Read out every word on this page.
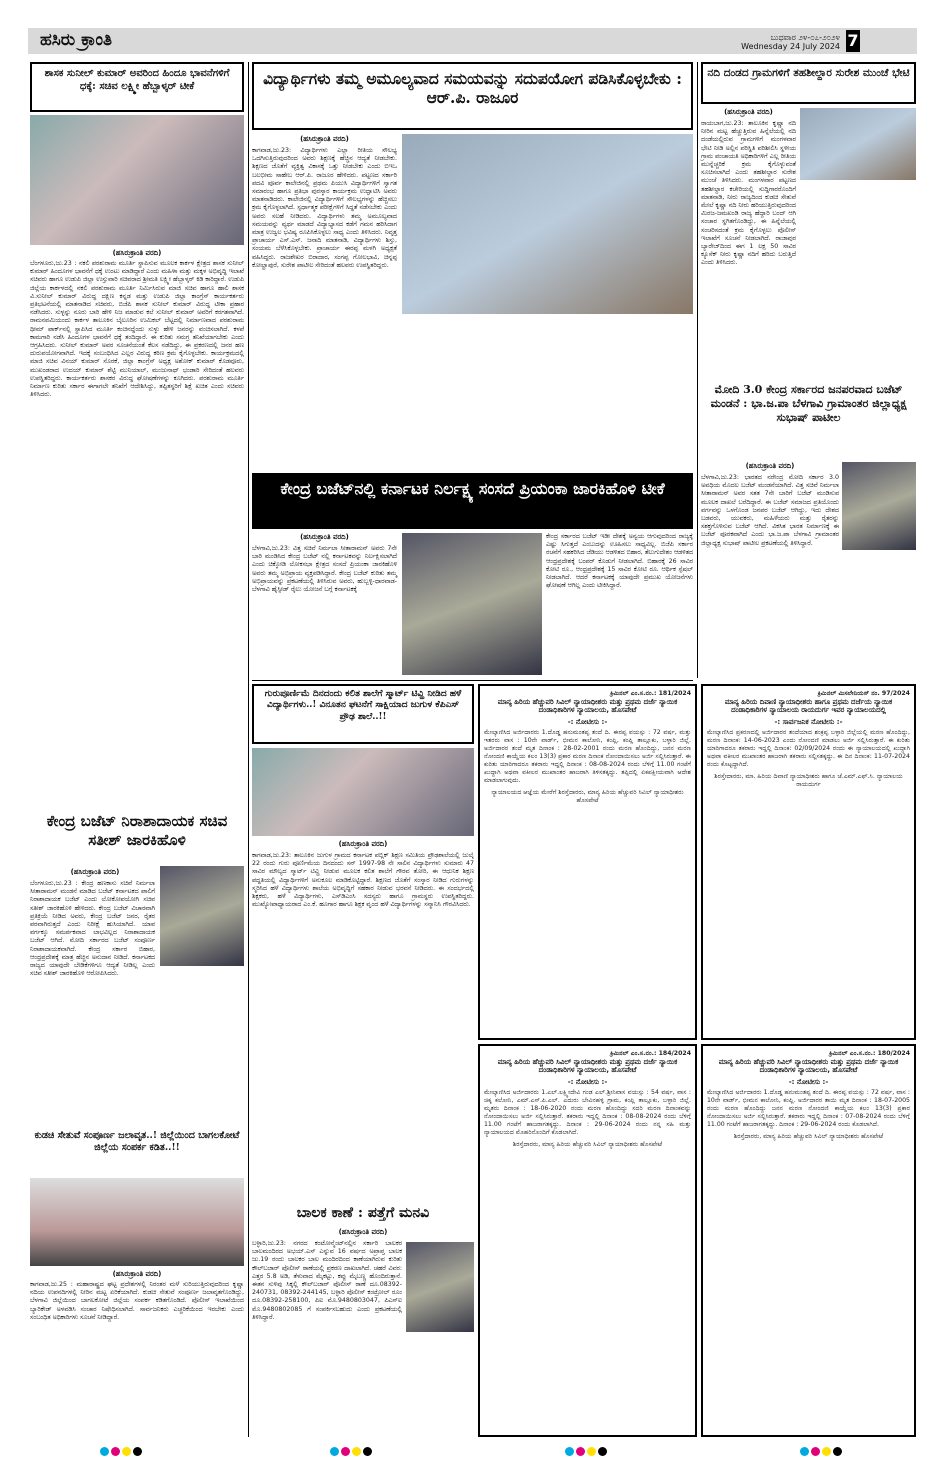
ಹಸಿರು ಕ್ರಾಂತಿ	ಬುಧವಾರ ೨೪-೦೭-೨೦೨೪
Wednesday 24 July 2024 7
ಶಾಸಕ ಸುನೀಲ್ ಕುಮಾರ್ ಅವರಿಂದ ಹಿಂದೂ ಭಾವನೆಗಳಿಗೆ ಧಕ್ಕೆ: ಸಚಿವ ಲಕ್ಷ್ಮೀ ಹೆಬ್ಬಾಳ್ಕರ್ ಟೀಕೆ
(ಹಸಿರುಕ್ರಾಂತಿ ವರದಿ)
ಬೆಂಗಳೂರು,ಜು.23 : ನಕಲಿ ಪರಶುರಾಮ ಮೂರ್ತಿ ಸ್ಥಾಪಿಸುವ ಮೂಲಕ ಕಾರ್ಕಳ ಕ್ಷೇತ್ರದ ಶಾಸಕ ಸುನೀಲ್ ಕುಮಾರ್ ಹಿಂದೂಗಳ ಭಾವನೆಗೆ ಧಕ್ಕೆ ಉಂಟು ಮಾಡಿದ್ದಾರೆ ಎಂದು ಮಹಿಳಾ ಮತ್ತು ಮಕ್ಕಳ ಅಭಿವೃದ್ಧಿ ಇಲಾಖೆ ಸಚಿವರು ಹಾಗೂ ಉಡುಪಿ ಜಿಲ್ಲಾ ಉಸ್ತುವಾರಿ ಸಚಿವರಾದ ಶ್ರೀಮತಿ ಲಕ್ಷ್ಮೀ ಹೆಬ್ಬಾಳ್ಕರ್ ಕಿಡಿ ಕಾರಿದ್ದಾರೆ. ಉಡುಪಿ ಜಿಲ್ಲೆಯ ಕಾರ್ಕಳದಲ್ಲಿ ನಕಲಿ ಪರಶುರಾಮ ಮೂರ್ತಿ ನಿರ್ಮಿಸಿರುವ ಮಾಜಿ ಸಚಿವ ಹಾಗೂ ಹಾಲಿ ಶಾಸಕ ವಿ.ಸುನೀಲ್ ಕುಮಾರ್ ವಿರುದ್ಧ ದಕ್ಷಿಣ ಕನ್ನಡ ಮತ್ತು ಉಡುಪಿ ಜಿಲ್ಲಾ ಕಾಂಗ್ರೆಸ್ ಕಾರ್ಯಕರ್ತರು ಪ್ರತಿಭಟನೆಯಲ್ಲಿ ಮಾತನಾಡಿದ ಸಚಿವರು, ಬಿಜೆಪಿ ಶಾಸಕ ಸುನೀಲ್ ಕುಮಾರ್ ವಿರುದ್ಧ ಟೀಕಾ ಪ್ರಹಾರ ನಡೆಸಿದರು. ಸುಳ್ಳನ್ನು ನೂರು ಬಾರಿ ಹೇಳಿ ನಿಜ ಮಾಡುವ ಕಲೆ ಸುನೀಲ್ ಕುಮಾರ್ ಅವರಿಗೆ ಕರಗತವಾಗಿದೆ. ರಾಮನವಮಿಯಂದು ಕಾರ್ಕಳ ತಾಲೂಕಿನ ಬೈಲೂರಿನ ಉಮಿಕಲ್ ಬೆಟ್ಟದಲ್ಲಿ ನಿರ್ಮಾಣವಾದ ಪರಶುರಾಮ ಥೀಮ್ ಪಾರ್ಕ್‌ನಲ್ಲಿ ಸ್ಥಾಪಿಸಿದ ಮೂರ್ತಿ ಕಂಚಿನದ್ದೆಂದು ಸುಳ್ಳು ಹೇಳಿ ಜನರನ್ನು ವಂಚಿಸಲಾಗಿದೆ. ಕಳಪೆ ಕಾಮಗಾರಿ ನಡೆಸಿ ಹಿಂದೂಗಳ ಭಾವನೆಗೆ ಧಕ್ಕೆ ತಂದಿದ್ದಾರೆ. ಈ ಕುರಿತು ಸಮಗ್ರ ತನಿಖೆಯಾಗಬೇಕು ಎಂದು ಆಗ್ರಹಿಸಿದರು. ಸುನೀಲ್ ಕುಮಾರ್ ಅವರ ಸೂಚನೆಯಂತೆ ಕೆಲಸ ನಡೆದಿದ್ದು, ಈ ಪ್ರಕರಣದಲ್ಲಿ ಜನರ ಹಣ ದುರುಪಯೋಗವಾಗಿದೆ. ಇದಕ್ಕೆ ಸಂಬಂಧಿಸಿದ ಎಲ್ಲರ ವಿರುದ್ಧ ಕಠಿಣ ಕ್ರಮ ಕೈಗೊಳ್ಳಬೇಕು. ಕಾರ್ಯಕ್ರಮದಲ್ಲಿ ಮಾಜಿ ಸಚಿವ ವಿನಯ್ ಕುಮಾರ್ ಸೊರಕೆ, ಜಿಲ್ಲಾ ಕಾಂಗ್ರೆಸ್ ಅಧ್ಯಕ್ಷ ಅಶೋಕ್ ಕುಮಾರ್ ಕೊಡವೂರು, ಮುಖಂಡರಾದ ಉದಯ್ ಕುಮಾರ್ ಶೆಟ್ಟಿ ಮುನಿಯಾಲ್, ಮಂಜುನಾಥ್ ಭಂಡಾರಿ ಸೇರಿದಂತೆ ಹಲವರು ಉಪಸ್ಥಿತರಿದ್ದರು. ಕಾರ್ಯಕರ್ತರು ಶಾಸಕರ ವಿರುದ್ಧ ಘೋಷಣೆಗಳನ್ನು ಕೂಗಿದರು. ಪರಶುರಾಮ ಮೂರ್ತಿ ನಿರ್ಮಾಣ ಕುರಿತು ಸರ್ಕಾರ ಈಗಾಗಲೇ ತನಿಖೆಗೆ ಆದೇಶಿಸಿದ್ದು, ತಪ್ಪಿತಸ್ಥರಿಗೆ ಶಿಕ್ಷೆ ಖಚಿತ ಎಂದು ಸಚಿವರು ತಿಳಿಸಿದರು.
ಕೇಂದ್ರ ಬಜೆಟ್ ನಿರಾಶಾದಾಯಕ ಸಚಿವ ಸತೀಶ್ ಜಾರಕಿಹೊಳಿ
(ಹಸಿರುಕ್ರಾಂತಿ ವರದಿ)
ಬೆಂಗಳೂರು,ಜು.23 : ಕೇಂದ್ರ ಹಣಕಾಸು ಸಚಿವೆ ನಿರ್ಮಲಾ ಸೀತಾರಾಮನ್ ಮಂಡನೆ ಮಾಡಿದ ಬಜೆಟ್ ಕರ್ನಾಟಕದ ಪಾಲಿಗೆ ನಿರಾಶಾದಾಯಕ ಬಜೆಟ್ ಎಂದು ಲೋಕೋಪಯೋಗಿ ಸಚಿವ ಸತೀಶ್ ಜಾರಕಿಹೊಳಿ ಹೇಳಿದರು. ಕೇಂದ್ರ ಬಜೆಟ್ ವಿಚಾರವಾಗಿ ಪ್ರತಿಕ್ರಿಯೆ ನೀಡಿದ ಅವರು, ಕೇಂದ್ರ ಬಜೆಟ್ ಜನರ, ರೈತರ ಪರವಾಗಿರುತ್ತದೆ ಎಂದು ನಿರೀಕ್ಷೆ ಹುಸಿಯಾಗಿದೆ. ಯಾವ ವರ್ಗಕ್ಕೂ ಸಮರ್ಪಕವಾದ ಲಾಭವಿಲ್ಲದ ನಿರಾಶಾದಾಯಕ ಬಜೆಟ್ ಆಗಿದೆ. ಮೋದಿ ಸರ್ಕಾರದ ಬಜೆಟ್ ಸಂಪೂರ್ಣ ನಿರಾಶಾದಾಯಕವಾಗಿದೆ. ಕೇಂದ್ರ ಸರ್ಕಾರ ಬಿಹಾರ, ಆಂಧ್ರಪ್ರದೇಶಕ್ಕೆ ಮಾತ್ರ ಹೆಚ್ಚಿನ ಅನುದಾನ ನೀಡಿದೆ. ಕರ್ನಾಟಕದ ರಾಜ್ಯದ ಯಾವುದೇ ಬೇಡಿಕೆಗಳಿಗೂ ಆದ್ಯತೆ ನೀಡಿಲ್ಲ ಎಂದು ಸಚಿವ ಸತೀಶ್ ಜಾರಕಿಹೊಳಿ ಆರೋಪಿಸಿದರು.
ಕುಡಚಿ ಸೇತುವೆ ಸಂಪೂರ್ಣ ಜಲಾವೃತ..! ಜಿಲ್ಲೆಯಿಂದ ಬಾಗಲಕೋಟೆ ಜಿಲ್ಲೆಯ ಸಂಪರ್ಕ ಕಡಿತ..!!
(ಹಸಿರುಕ್ರಾಂತಿ ವರದಿ)
ಕಾಗವಾಡ,ಜು.25 : ಮಹಾರಾಷ್ಟ್ರದ ಘಟ್ಟ ಪ್ರದೇಶಗಳಲ್ಲಿ ನಿರಂತರ ಮಳೆ ಸುರಿಯುತ್ತಿರುವುದರಿಂದ ಕೃಷ್ಣಾ ನದಿಯ ಉಪನದಿಗಳಲ್ಲಿ ನೀರಿನ ಮಟ್ಟ ಏರಿಕೆಯಾಗಿದೆ. ಕುಡಚಿ ಸೇತುವೆ ಸಂಪೂರ್ಣ ಜಲಾವೃತಗೊಂಡಿದ್ದು, ಬೆಳಗಾವಿ ಜಿಲ್ಲೆಯಿಂದ ಬಾಗಲಕೋಟೆ ಜಿಲ್ಲೆಯ ಸಂಪರ್ಕ ಕಡಿತಗೊಂಡಿದೆ. ಪೊಲೀಸ್ ಇಲಾಖೆಯಿಂದ ಬ್ಯಾರಿಕೇಡ್ ಅಳವಡಿಸಿ ಸಂಚಾರ ನಿಷೇಧಿಸಲಾಗಿದೆ. ಸಾರ್ವಜನಿಕರು ಎಚ್ಚರಿಕೆಯಿಂದ ಇರಬೇಕು ಎಂದು ಸಂಬಂಧಿತ ಅಧಿಕಾರಿಗಳು ಸೂಚನೆ ನೀಡಿದ್ದಾರೆ.
ವಿದ್ಯಾರ್ಥಿಗಳು ತಮ್ಮ ಅಮೂಲ್ಯವಾದ ಸಮಯವನ್ನು ಸದುಪಯೋಗ ಪಡಿಸಿಕೊಳ್ಳಬೇಕು : ಆರ್.ಪಿ. ರಾಜೂರ
(ಹಸಿರುಕ್ರಾಂತಿ ವರದಿ)
ಕಾಗವಾಡ,ಜು.23: ವಿದ್ಯಾರ್ಥಿಗಳು ಎಲ್ಲಾ ರೀತಿಯ ಸೌಲಭ್ಯ ಒದಗಿಸುತ್ತಿರುವುದರಿಂದ ಅವರು ಶಿಕ್ಷಣಕ್ಕೆ ಹೆಚ್ಚಿನ ಆದ್ಯತೆ ನೀಡಬೇಕು. ಶಿಕ್ಷಣದ ಜೊತೆಗೆ ವ್ಯಕ್ತಿತ್ವ ವಿಕಾಸಕ್ಕೆ ಒತ್ತು ನೀಡಬೇಕು ಎಂದು ಬಿಇಒ ಬಲಭೀಮ ಸಾಹೇಬ ಆರ್.ಪಿ. ರಾಜೂರ ಹೇಳಿದರು. ಪಟ್ಟಣದ ಸರ್ಕಾರಿ ಪದವಿ ಪೂರ್ವ ಕಾಲೇಜಿನಲ್ಲಿ ಪ್ರಥಮ ಪಿಯುಸಿ ವಿದ್ಯಾರ್ಥಿಗಳಿಗೆ ಸ್ವಾಗತ ಸಮಾರಂಭ ಹಾಗೂ ಪ್ರತಿಭಾ ಪುರಸ್ಕಾರ ಕಾರ್ಯಕ್ರಮ ಉದ್ಘಾಟಿಸಿ ಅವರು ಮಾತನಾಡಿದರು. ಕಾಲೇಜಿನಲ್ಲಿ ವಿದ್ಯಾರ್ಥಿಗಳಿಗೆ ಸೌಲಭ್ಯಗಳನ್ನು ಹೆಚ್ಚಿಸಲು ಕ್ರಮ ಕೈಗೊಳ್ಳಲಾಗಿದೆ. ಸ್ಪರ್ಧಾತ್ಮಕ ಪರೀಕ್ಷೆಗಳಿಗೆ ಸಿದ್ಧತೆ ನಡೆಸಬೇಕು ಎಂದು ಅವರು ಸಲಹೆ ನೀಡಿದರು. ವಿದ್ಯಾರ್ಥಿಗಳು ತಮ್ಮ ಅಮೂಲ್ಯವಾದ ಸಮಯವನ್ನು ವ್ಯರ್ಥ ಮಾಡದೆ ವಿದ್ಯಾಭ್ಯಾಸದ ಕಡೆಗೆ ಗಮನ ಹರಿಸಿದಾಗ ಮಾತ್ರ ಉಜ್ವಲ ಭವಿಷ್ಯ ರೂಪಿಸಿಕೊಳ್ಳಲು ಸಾಧ್ಯ ಎಂದು ತಿಳಿಸಿದರು. ನಿವೃತ್ತ ಪ್ರಾಚಾರ್ಯ ಎಸ್.ಎಸ್. ಜನಾದಿ ಮಾತನಾಡಿ, ವಿದ್ಯಾರ್ಥಿಗಳು ಶಿಸ್ತು, ಸಂಯಮ ಬೆಳೆಸಿಕೊಳ್ಳಬೇಕು. ಪ್ರಾಚಾರ್ಯ ಈರಪ್ಪ ಮಳಗಿ ಅಧ್ಯಕ್ಷತೆ ವಹಿಸಿದ್ದರು. ರಾಜಶೇಖರ ಬಿರಾದಾರ, ಸಂಗಪ್ಪ ಗೋಲಭಾವಿ, ಚಿನ್ನಪ್ಪ ಕೋಲ್ಹಾಪುರೆ, ಸುರೇಶ ಪಾಟೀಲ ಸೇರಿದಂತೆ ಹಲವರು ಉಪಸ್ಥಿತರಿದ್ದರು.
ಕೇಂದ್ರ ಬಜೆಟ್‌ನಲ್ಲಿ ಕರ್ನಾಟಕ ನಿರ್ಲಕ್ಷ್ಯ ಸಂಸದೆ ಪ್ರಿಯಂಕಾ ಜಾರಕಿಹೊಳಿ ಟೀಕೆ
(ಹಸಿರುಕ್ರಾಂತಿ ವರದಿ)
ಬೆಳಗಾವಿ,ಜು.23: ವಿತ್ತ ಸಚಿವೆ ನಿರ್ಮಲಾ ಸೀತಾರಾಮನ್ ಅವರು 7ನೇ ಬಾರಿ ಮಂಡಿಸಿದ ಕೇಂದ್ರ ಬಜೆಟ್ ನಲ್ಲಿ ಕರ್ನಾಟಕವನ್ನು ನಿರ್ಲಕ್ಷಿಸಲಾಗಿದೆ ಎಂದು ಚಿಕ್ಕೋಡಿ ಲೋಕಸಭಾ ಕ್ಷೇತ್ರದ ಸಂಸದೆ ಪ್ರಿಯಂಕಾ ಜಾರಕಿಹೊಳಿ ಅವರು ತಮ್ಮ ಅಭಿಪ್ರಾಯ ವ್ಯಕ್ತಪಡಿಸಿದ್ದಾರೆ. ಕೇಂದ್ರ ಬಜೆಟ್ ಕುರಿತು ತಮ್ಮ ಅಭಿಪ್ರಾಯವನ್ನು ಪ್ರಕಟಣೆಯಲ್ಲಿ ತಿಳಿಸಿರುವ ಅವರು, ಹುಬ್ಬಳ್ಳಿ-ಧಾರವಾಡ-ಬೆಳಗಾವಿ ಹೈಸ್ಪೀಡ್ ರೈಲು ಯೋಜನೆ ಬಗ್ಗೆ ಕರ್ನಾಟಕಕ್ಕೆ
ಕೇಂದ್ರ ಸರ್ಕಾರದ ಬಜೆಟ್ ಇಡೀ ದೇಶಕ್ಕೆ ಅನ್ವಯ ಆಗುವುದರಿಂದ ರಾಜ್ಯಕ್ಕೆ ಎಷ್ಟು ಸಿಗುತ್ತದೆ ಎಂಬುದನ್ನು ಊಹಿಸಲು ಸಾಧ್ಯವಿಲ್ಲ. ಬಿಜೆಪಿ ಸರ್ಕಾರ ರಚನೆಗೆ ಸಹಕರಿಸಿದ ಜೆಡಿಯು ಆಡಳಿತದ ಬಿಹಾರ, ತೆಲುಗುದೇಶಂ ಆಡಳಿತದ ಆಂಧ್ರಪ್ರದೇಶಕ್ಕೆ ಬಂಪರ್ ಕೊಡುಗೆ ನೀಡಲಾಗಿದೆ. ಬಿಹಾರಕ್ಕೆ 26 ಸಾವಿರ ಕೋಟಿ ರೂ., ಆಂಧ್ರಪ್ರದೇಶಕ್ಕೆ 15 ಸಾವಿರ ಕೋಟಿ ರೂ. ಆರ್ಥಿಕ ಸ್ಪೆಷಲ್ ನೀಡಲಾಗಿದೆ. ಆದರೆ ಕರ್ನಾಟಕಕ್ಕೆ ಯಾವುದೇ ಪ್ರಮುಖ ಯೋಜನೆಗಳು ಘೋಷಣೆ ಆಗಿಲ್ಲ ಎಂದು ಟೀಕಿಸಿದ್ದಾರೆ.
ಗುರುಪೂರ್ಣಿಮೆ ದಿನದಂದು ಕಲಿತ ಶಾಲೆಗೆ ಸ್ಮಾರ್ಟ್ ಟಿವ್ಹಿ ನೀಡಿದ ಹಳೆ ವಿದ್ಯಾರ್ಥಿಗಳು..! ವಿನೂತನ ಘಟನೆಗೆ ಸಾಕ್ಷಿಯಾದ ಜುಗುಳ ಕೆಪಿಎಸ್ ಪ್ರೌಢ ಶಾಲೆ..!!
(ಹಸಿರುಕ್ರಾಂತಿ ವರದಿ)
ಕಾಗವಾಡ,ಜು.23: ತಾಲೂಕಿನ ಜುಗುಳ ಗ್ರಾಮದ ಕರ್ನಾಟಕ ಪಬ್ಲಿಕ್ ಶಿಕ್ಷಣ ಸಮಿತಿಯ ಪ್ರೌಢಶಾಲೆಯಲ್ಲಿ ಜುಲೈ 22 ರಂದು ಗುರು ಪೂರ್ಣಿಮೆಯ ದಿನದಂದು ಸನ್ 1997-98 ನೇ ಸಾಲಿನ ವಿದ್ಯಾರ್ಥಿಗಳು ಸುಮಾರು 47 ಸಾವಿರ ಮೌಲ್ಯದ ಸ್ಮಾರ್ಟ್ ಟಿವ್ಹಿ ನೀಡುವ ಮೂಲಕ ಕಲಿತ ಶಾಲೆಗೆ ಗೌರವ ತೋರಿ, ಈ ಆಧುನಿಕ ಶಿಕ್ಷಣ ಪದ್ಧತಿಯಲ್ಲಿ ವಿದ್ಯಾರ್ಥಿಗಳಿಗೆ ಅನುಕೂಲ ಮಾಡಿಕೊಟ್ಟಿದ್ದಾರೆ. ಶಿಕ್ಷಣದ ಜೊತೆಗೆ ಸಂಸ್ಕಾರ ನೀಡಿದ ಗುರುಗಳನ್ನು ಸ್ಮರಿಸಿದ ಹಳೆ ವಿದ್ಯಾರ್ಥಿಗಳು ಶಾಲೆಯ ಅಭಿವೃದ್ಧಿಗೆ ಸಹಕಾರ ನೀಡುವ ಭರವಸೆ ನೀಡಿದರು. ಈ ಸಂದರ್ಭದಲ್ಲಿ ಶಿಕ್ಷಕರು, ಹಳೆ ವಿದ್ಯಾರ್ಥಿಗಳು, ಎಸ್‌ಡಿಎಂಸಿ ಸದಸ್ಯರು ಹಾಗೂ ಗ್ರಾಮಸ್ಥರು ಉಪಸ್ಥಿತರಿದ್ದರು. ಮುಖ್ಯೋಪಾಧ್ಯಾಯರಾದ ಎಂ.ಕೆ. ಹೂಗಾರ ಹಾಗೂ ಶಿಕ್ಷಕ ವೃಂದ ಹಳೆ ವಿದ್ಯಾರ್ಥಿಗಳನ್ನು ಸನ್ಮಾನಿಸಿ ಗೌರವಿಸಿದರು.
ಬಾಲಕ ಕಾಣೆ : ಪತ್ತೆಗೆ ಮನವಿ
(ಹಸಿರುಕ್ರಾಂತಿ ವರದಿ)
ಬಳ್ಳಾರಿ,ಜು.23: ನಗರದ ಕಂಟೋನ್ಮೆಂಟ್‌ನಲ್ಲಿನ ಸರ್ಕಾರಿ ಬಾಲಕರ ಬಾಲಮಂದಿರದ ಅಭಯ್.ಎಸ್ ಎನ್ನುವ 16 ವರ್ಷದ ಅಪ್ರಾಪ್ತ ಬಾಲಕ ಜು.19 ರಂದು ಬಾಲಕರ ಬಾಲ ಮಂದಿರದಿಂದ ಕಾಣೆಯಾಗಿರುವ ಕುರಿತು ಕೌಲ್‌ಬಜಾರ್ ಪೊಲೀಸ್ ಠಾಣೆಯಲ್ಲಿ ಪ್ರಕರಣ ದಾಖಲಾಗಿದೆ. ಚಹರೆ ವಿವರ: ಎತ್ತರ 5.8 ಅಡಿ, ತೆಳುವಾದ ಮೈಕಟ್ಟು, ಕಪ್ಪು ಮೈಬಣ್ಣ ಹೊಂದಿರುತ್ತಾನೆ. ಈತನ ಸುಳಿವು ಸಿಕ್ಕಲ್ಲಿ ಕೌಲ್‌ಬಜಾರ್ ಪೊಲೀಸ್ ಠಾಣೆ ದೂ.08392-240731, 08392-244145, ಬಳ್ಳಾರಿ ಪೊಲೀಸ್ ಕಂಟ್ರೋಲ್ ರೂಂ ದೂ.08392-258100, ಪಿಐ ಮೊ.9480803047, ಪಿಎಸ್‌ಐ ಮೊ.9480802085 ಗೆ ಸಂಪರ್ಕಿಸಬಹುದು ಎಂದು ಪ್ರಕಟಣೆಯಲ್ಲಿ ತಿಳಿಸಿದ್ದಾರೆ.
ಕ್ರಿಮಿನಲ್ ಎಂ.ಸ.ನಂ.: 181/2024
ಮಾನ್ಯ ಹಿರಿಯ ಹೆಚ್ಚುವರಿ ಸಿವಿಲ್ ನ್ಯಾಯಾಧೀಶರು ಮತ್ತು ಪ್ರಥಮ ದರ್ಜೆ ನ್ಯಾಯಿಕ ದಂಡಾಧಿಕಾರಿಗಳ ನ್ಯಾಯಾಲಯ, ಹೊಸಪೇಟೆ
-: ನೋಟೀಸು :-
ಮೇಲ್ಕಾಣಿಸಿದ ಅರ್ಜಿದಾರರು 1.ದೊಡ್ಡ ಹನುಮಂತಪ್ಪ ತಂದೆ ದಿ. ಈರಪ್ಪ ವಯಸ್ಸು : 72 ವರ್ಷ, ಮತ್ತು ಇತರರು ವಾಸ : 10ನೇ ವಾರ್ಡ್, ಭೀಮನ ಕಾಲೋನಿ, ಕಂಪ್ಲಿ, ಕಂಪ್ಲಿ ತಾಲ್ಲೂಕು, ಬಳ್ಳಾರಿ ಜಿಲ್ಲೆ. ಅರ್ಜಿದಾರರ ತಂದೆ ಮೃತ ದಿನಾಂಕ : 28-02-2001 ರಂದು ಮರಣ ಹೊಂದಿದ್ದು, ಜನನ ಮರಣ ನೋಂದಣಿ ಕಾಯ್ದೆಯ ಕಲಂ 13(3) ಪ್ರಕಾರ ಮರಣ ದಿನಾಂಕ ನೋಂದಾಯಿಸಲು ಅರ್ಜಿ ಸಲ್ಲಿಸಿರುತ್ತಾರೆ. ಈ ಕುರಿತು ಯಾರಿಗಾದರೂ ತಕರಾರು ಇದ್ದಲ್ಲಿ ದಿನಾಂಕ : 08-08-2024 ರಂದು ಬೆಳಿಗ್ಗೆ 11.00 ಗಂಟೆಗೆ ಖುದ್ದಾಗಿ ಅಥವಾ ವಕೀಲರ ಮುಖಾಂತರ ಹಾಜರಾಗಿ ತಿಳಿಸತಕ್ಕದ್ದು. ತಪ್ಪಿದಲ್ಲಿ ಏಕಪಕ್ಷೀಯವಾಗಿ ಆದೇಶ ಮಾಡಲಾಗುವುದು.
ನ್ಯಾಯಾಲಯದ ಆಜ್ಞೆಯ ಮೇರೆಗೆ ಶಿರಸ್ತೆದಾರರು, ಮಾನ್ಯ ಹಿರಿಯ ಹೆಚ್ಚುವರಿ ಸಿವಿಲ್ ನ್ಯಾಯಾಧೀಶರು ಹೊಸಪೇಟೆ
ಕ್ರಿಮಿನಲ್ ಮಿಸಲೇನಿಯಸ್ ನಂ. 97/2024
ಮಾನ್ಯ ಹಿರಿಯ ದಿವಾಣಿ ನ್ಯಾಯಾಧೀಶರು ಹಾಗೂ ಪ್ರಥಮ ದರ್ಜೆಯ ನ್ಯಾಯಿಕ ದಂಡಾಧಿಕಾರಿಗಳ ನ್ಯಾಯಾಲಯ ರಾಯದುರ್ಗ ಇವರ ನ್ಯಾಯಾಲಯದಲ್ಲಿ
-: ಸಾರ್ವಜನಿಕ ನೋಟೀಸು :-
ಮೇಲ್ಕಾಣಿಸಿದ ಪ್ರಕರಣದಲ್ಲಿ ಅರ್ಜಿದಾರರ ತಂದೆಯಾದ ಶಂಕ್ರಪ್ಪ ಬಳ್ಳಾರಿ ಜಿಲ್ಲೆಯಲ್ಲಿ ಮರಣ ಹೊಂದಿದ್ದು, ಮರಣ ದಿನಾಂಕ: 14-06-2023 ಎಂದು ನೋಂದಣಿ ಮಾಡಲು ಅರ್ಜಿ ಸಲ್ಲಿಸಿರುತ್ತಾರೆ. ಈ ಕುರಿತು ಯಾರಿಗಾದರೂ ತಕರಾರು ಇದ್ದಲ್ಲಿ ದಿನಾಂಕ: 02/09/2024 ರಂದು ಈ ನ್ಯಾಯಾಲಯದಲ್ಲಿ ಖುದ್ದಾಗಿ ಅಥವಾ ವಕೀಲರ ಮುಖಾಂತರ ಹಾಜರಾಗಿ ತಕರಾರು ಸಲ್ಲಿಸತಕ್ಕದ್ದು. ಈ ದಿನ ದಿನಾಂಕ: 11-07-2024 ರಂದು ಕೊಟ್ಟದ್ದಾಗಿದೆ.
ಶಿರಸ್ತೇದಾರರು, ಮಾ. ಹಿರಿಯ ದಿವಾಣಿ ನ್ಯಾಯಾಧೀಶರು ಹಾಗೂ ಜೆ.ಎಮ್.ಎಫ್.ಸಿ. ನ್ಯಾಯಾಲಯ ರಾಯದುರ್ಗ
ಕ್ರಿಮಿನಲ್ ಎಂ.ಸ.ನಂ.: 184/2024
ಮಾನ್ಯ ಹಿರಿಯ ಹೆಚ್ಚುವರಿ ಸಿವಿಲ್ ನ್ಯಾಯಾಧೀಶರು ಮತ್ತು ಪ್ರಥಮ ದರ್ಜೆ ನ್ಯಾಯಿಕ ದಂಡಾಧಿಕಾರಿಗಳ ನ್ಯಾಯಾಲಯ, ಹೊಸಪೇಟೆ
-: ನೋಟೀಸು :-
ಮೇಲ್ಕಾಣಿಸಿದ ಅರ್ಜಿದಾರರು 1.ಎಲ್.ಲಕ್ಷ್ಮೀದೇವಿ ಗಂಡ ಎಲ್.ಶ್ರೀನಿವಾಸ ವಯಸ್ಸು : 54 ವರ್ಷ, ವಾಸ : ಚಿಕ್ಕ ಕಲೋನಿ, ಎಮ್.ಎಸ್.ಪಿ.ಎಲ್. ಎದುರು ಬೇವಿನಹಳ್ಳಿ ಗ್ರಾಮ, ಕಂಪ್ಲಿ ತಾಲ್ಲೂಕು, ಬಳ್ಳಾರಿ ಜಿಲ್ಲೆ. ಮೃತರು ದಿನಾಂಕ : 18-06-2020 ರಂದು ಮರಣ ಹೊಂದಿದ್ದು ಸದರಿ ಮರಣ ದಿನಾಂಕವನ್ನು ನೋಂದಾಯಿಸಲು ಅರ್ಜಿ ಸಲ್ಲಿಸಿರುತ್ತಾರೆ. ತಕರಾರು ಇದ್ದಲ್ಲಿ ದಿನಾಂಕ : 08-08-2024 ರಂದು ಬೆಳಿಗ್ಗೆ 11.00 ಗಂಟೆಗೆ ಹಾಜರಾಗತಕ್ಕದ್ದು. ದಿನಾಂಕ : 29-06-2024 ರಂದು ನನ್ನ ಸಹಿ ಮತ್ತು ನ್ಯಾಯಾಲಯದ ಮೊಹರಿನೊಂದಿಗೆ ಕೊಡಲಾಗಿದೆ.
ಶಿರಸ್ತೆದಾರರು, ಮಾನ್ಯ ಹಿರಿಯ ಹೆಚ್ಚುವರಿ ಸಿವಿಲ್ ನ್ಯಾಯಾಧೀಶರು ಹೊಸಪೇಟೆ
ಕ್ರಿಮಿನಲ್ ಎಂ.ಸ.ನಂ.: 180/2024
ಮಾನ್ಯ ಹಿರಿಯ ಹೆಚ್ಚುವರಿ ಸಿವಿಲ್ ನ್ಯಾಯಾಧೀಶರು ಮತ್ತು ಪ್ರಥಮ ದರ್ಜೆ ನ್ಯಾಯಿಕ ದಂಡಾಧಿಕಾರಿಗಳ ನ್ಯಾಯಾಲಯ, ಹೊಸಪೇಟೆ
-: ನೋಟೀಸು :-
ಮೇಲ್ಕಾಣಿಸಿದ ಅರ್ಜಿದಾರರು 1.ದೊಡ್ಡ ಹನುಮಂತಪ್ಪ ತಂದೆ ದಿ. ಈರಪ್ಪ ವಯಸ್ಸು : 72 ವರ್ಷ, ವಾಸ : 10ನೇ ವಾರ್ಡ್, ಭೀಮನ ಕಾಲೋನಿ, ಕಂಪ್ಲಿ. ಅರ್ಜಿದಾರರ ತಾಯಿ ಮೃತ ದಿನಾಂಕ : 18-07-2005 ರಂದು ಮರಣ ಹೊಂದಿದ್ದು ಜನನ ಮರಣ ನೋಂದಣಿ ಕಾಯ್ದೆಯ ಕಲಂ 13(3) ಪ್ರಕಾರ ನೋಂದಾಯಿಸಲು ಅರ್ಜಿ ಸಲ್ಲಿಸಿರುತ್ತಾರೆ. ತಕರಾರು ಇದ್ದಲ್ಲಿ ದಿನಾಂಕ : 07-08-2024 ರಂದು ಬೆಳಿಗ್ಗೆ 11.00 ಗಂಟೆಗೆ ಹಾಜರಾಗತಕ್ಕದ್ದು. ದಿನಾಂಕ : 29-06-2024 ರಂದು ಕೊಡಲಾಗಿದೆ.
ಶಿರಸ್ತೆದಾರರು, ಮಾನ್ಯ ಹಿರಿಯ ಹೆಚ್ಚುವರಿ ಸಿವಿಲ್ ನ್ಯಾಯಾಧೀಶರು ಹೊಸಪೇಟೆ
ನದಿ ದಂಡದ ಗ್ರಾಮಗಳಿಗೆ ತಹಶೀಲ್ದಾರ ಸುರೇಶ ಮುಂಚೆ ಭೇಟಿ
(ಹಸಿರುಕ್ರಾಂತಿ ವರದಿ)
ರಾಯಬಾಗ,ಜು.23: ತಾಲೂಕಿನ ಕೃಷ್ಣಾ ನದಿ ನೀರಿನ ಮಟ್ಟ ಹೆಚ್ಚುತ್ತಿರುವ ಹಿನ್ನೆಲೆಯಲ್ಲಿ ನದಿ ದಂಡೆಯಲ್ಲಿರುವ ಗ್ರಾಮಗಳಿಗೆ ಮಂಗಳವಾರ ಭೇಟಿ ನೀಡಿ ಅಲ್ಲಿನ ಪರಿಸ್ಥಿತಿ ಪರಿಶೀಲಿಸಿ ಸ್ಥಳೀಯ ಗ್ರಾಮ ಪಂಚಾಯತಿ ಅಧಿಕಾರಿಗಳಿಗೆ ಎಲ್ಲ ರೀತಿಯ ಮುನ್ನೆಚ್ಚರಿಕೆ ಕ್ರಮ ಕೈಗೊಳ್ಳುವಂತೆ ಸೂಚಿಸಲಾಗಿದೆ ಎಂದು ತಹಶೀಲ್ದಾರ ಸುರೇಶ ಮುಂಚೆ ತಿಳಿಸಿದರು. ಮಂಗಳವಾರ ಪಟ್ಟಣದ ತಹಶೀಲ್ದಾರ ಕಚೇರಿಯಲ್ಲಿ ಸುದ್ದಿಗಾರರೊಂದಿಗೆ ಮಾತನಾಡಿ, ನೀರು ರಾಜ್ಯದಿಂದ ಕುಡಚಿ ಸೇತುವೆ ಮೇಲೆ ಕೃಷ್ಣಾ ನದಿ ನೀರು ಹರಿಯುತ್ತಿರುವುದರಿಂದ ಮಿರಜ-ಜಮಖಂಡಿ ರಾಜ್ಯ ಹೆದ್ದಾರಿ ಬಂದ್ ಆಗಿ ಸಂಚಾರ ಸ್ಥಗಿತಗೊಂಡಿದ್ದು, ಈ ಹಿನ್ನೆಲೆಯಲ್ಲಿ ಸಂಚರಿಸದಂತೆ ಕ್ರಮ ಕೈಗೊಳ್ಳಲು ಪೊಲೀಸ್ ಇಲಾಖೆಗೆ ಸೂಚನೆ ನೀಡಲಾಗಿದೆ. ರಾಜಾಪುರ ಬ್ಯಾರೇಜ್‌ದಿಂದ ಈಗ 1 ಲಕ್ಷ 50 ಸಾವಿರ ಕ್ಯೂಸೆಕ್ ನೀರು ಕೃಷ್ಣಾ ನದಿಗೆ ಹರಿದು ಬರುತ್ತಿದೆ ಎಂದು ತಿಳಿಸಿದರು.
ಮೋದಿ 3.0 ಕೇಂದ್ರ ಸರ್ಕಾರದ ಜನಪರವಾದ ಬಜೆಟ್ ಮಂಡನೆ : ಭಾ.ಜ.ಪಾ ಬೆಳಗಾವಿ ಗ್ರಾಮಾಂತರ ಜಿಲ್ಲಾಧ್ಯಕ್ಷ ಸುಭಾಷ್ ಪಾಟೀಲ
(ಹಸಿರುಕ್ರಾಂತಿ ವರದಿ)
ಬೆಳಗಾವಿ,ಜು.23: ಭಾರತದ ನರೇಂದ್ರ ಮೋದಿ ಸರ್ಕಾರ 3.0 ಅವಧಿಯ ಮೊದಲ ಬಜೆಟ್ ಮಂಡನೆಯಾಗಿದೆ. ವಿತ್ತ ಸಚಿವೆ ನಿರ್ಮಲಾ ಸೀತಾರಾಮನ್ ಅವರ ಸತತ 7ನೇ ಬಾರಿಗೆ ಬಜೆಟ್ ಮಂಡಿಸುವ ಮೂಲಕ ದಾಖಲೆ ಬರೆದಿದ್ದಾರೆ. ಈ ಬಜೆಟ್ ಸಮಾಜದ ಪ್ರತಿಯೊಂದು ವರ್ಗವನ್ನು ಒಳಗೊಂಡ ಜನಪರ ಬಜೆಟ್ ಆಗಿದ್ದು, ಇದು ದೇಶದ ಬಡವರು, ಯುವಕರು, ಮಹಿಳೆಯರು ಮತ್ತು ರೈತರನ್ನು ಸಶಕ್ತಗೊಳಿಸುವ ಬಜೆಟ್ ಆಗಿದೆ. ವಿಕಸಿತ ಭಾರತ ನಿರ್ಮಾಣಕ್ಕೆ ಈ ಬಜೆಟ್ ಪೂರಕವಾಗಿದೆ ಎಂದು ಭಾ.ಜ.ಪಾ ಬೆಳಗಾವಿ ಗ್ರಾಮಾಂತರ ಜಿಲ್ಲಾಧ್ಯಕ್ಷ ಸುಭಾಷ್ ಪಾಟೀಲ ಪ್ರಕಟಣೆಯಲ್ಲಿ ತಿಳಿಸಿದ್ದಾರೆ.
